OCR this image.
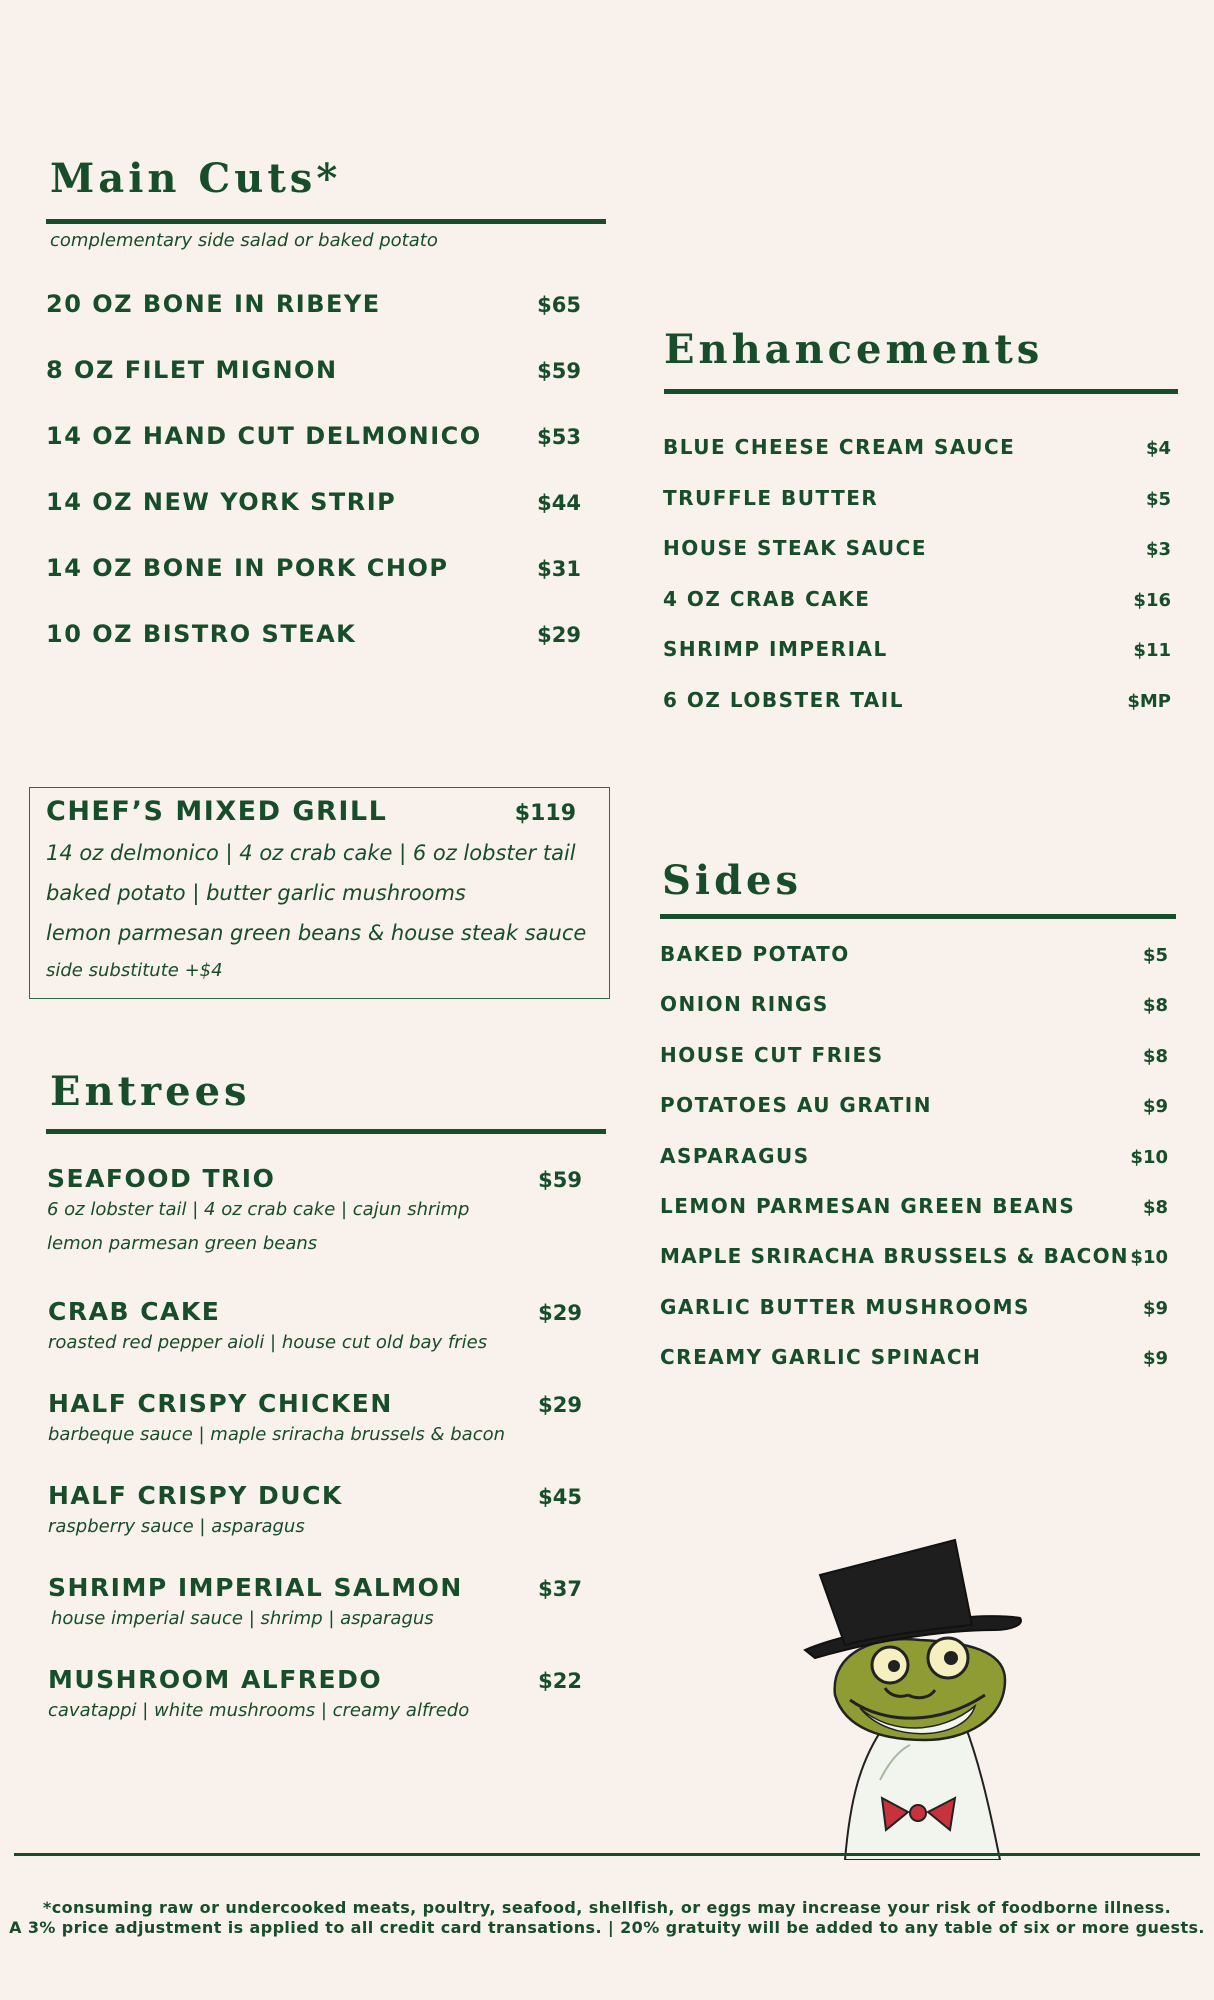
Main Cuts*
complementary side salad or baked potato
20 OZ BONE IN RIBEYE	$65
8 OZ FILET MIGNON	$59
14 OZ HAND CUT DELMONICO	$53
14 OZ NEW YORK STRIP	$44
14 OZ BONE IN PORK CHOP	$31
10 OZ BISTRO STEAK	$29
Enhancements
BLUE CHEESE CREAM SAUCE	$4
TRUFFLE BUTTER	$5
HOUSE STEAK SAUCE	$3
4 OZ CRAB CAKE	$16
SHRIMP IMPERIAL	$11
6 OZ LOBSTER TAIL	$MP
CHEF’S MIXED GRILL	$119
14 oz delmonico | 4 oz crab cake | 6 oz lobster tail
baked potato | butter garlic mushrooms
lemon parmesan green beans & house steak sauce
side substitute +$4
Sides
BAKED POTATO	$5
ONION RINGS	$8
HOUSE CUT FRIES	$8
POTATOES AU GRATIN	$9
ASPARAGUS	$10
LEMON PARMESAN GREEN BEANS	$8
MAPLE SRIRACHA BRUSSELS & BACON $10
GARLIC BUTTER MUSHROOMS	$9
CREAMY GARLIC SPINACH	$9
Entrees
SEAFOOD TRIO	$59
6 oz lobster tail | 4 oz crab cake | cajun shrimp
lemon parmesan green beans
CRAB CAKE	$29
roasted red pepper aioli | house cut old bay fries
HALF CRISPY CHICKEN	$29
barbeque sauce | maple sriracha brussels & bacon
HALF CRISPY DUCK	$45
raspberry sauce | asparagus
SHRIMP IMPERIAL SALMON	$37
house imperial sauce | shrimp | asparagus
MUSHROOM ALFREDO	$22
cavatappi | white mushrooms | creamy alfredo
*consuming raw or undercooked meats, poultry, seafood, shellfish, or eggs may increase your risk of foodborne illness.
A 3% price adjustment is applied to all credit card transations. | 20% gratuity will be added to any table of six or more guests.
